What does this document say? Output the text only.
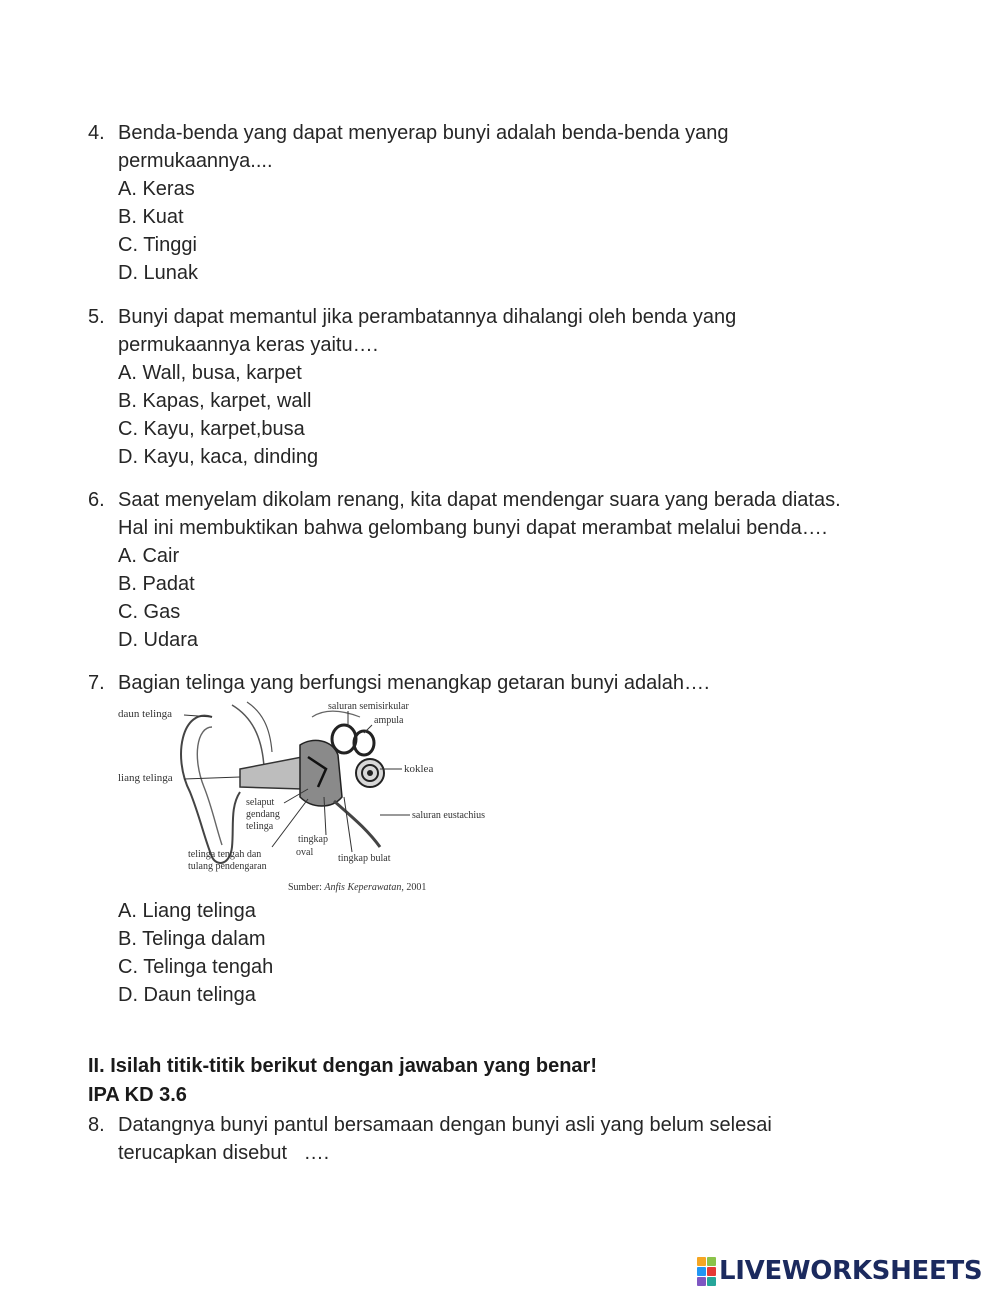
4. Benda-benda yang dapat menyerap bunyi adalah benda-benda yang
permukaannya....
A. Keras
B. Kuat
C. Tinggi
D. Lunak
5. Bunyi dapat memantul jika perambatannya dihalangi oleh benda yang
permukaannya keras yaitu….
A. Wall, busa, karpet
B. Kapas, karpet, wall
C. Kayu, karpet,busa
D. Kayu, kaca, dinding
6. Saat menyelam dikolam renang, kita dapat mendengar suara yang berada diatas.
Hal ini membuktikan bahwa gelombang bunyi dapat merambat melalui benda….
A. Cair
B. Padat
C. Gas
D. Udara
7. Bagian telinga yang berfungsi menangkap getaran bunyi adalah….
daun telinga
liang telinga
saluran semisirkular
ampula
koklea
selaput
gendang
telinga
saluran eustachius
tingkap
oval
tingkap bulat
telinga tengah dan
tulang pendengaran
Sumber: Anfis Keperawatan, 2001
A. Liang telinga
B. Telinga dalam
C. Telinga tengah
D. Daun telinga
II. Isilah titik-titik berikut dengan jawaban yang benar!
IPA KD 3.6
8. Datangnya bunyi pantul bersamaan dengan bunyi asli yang belum selesai
terucapkan disebut   ….
LIVEWORKSHEETS
